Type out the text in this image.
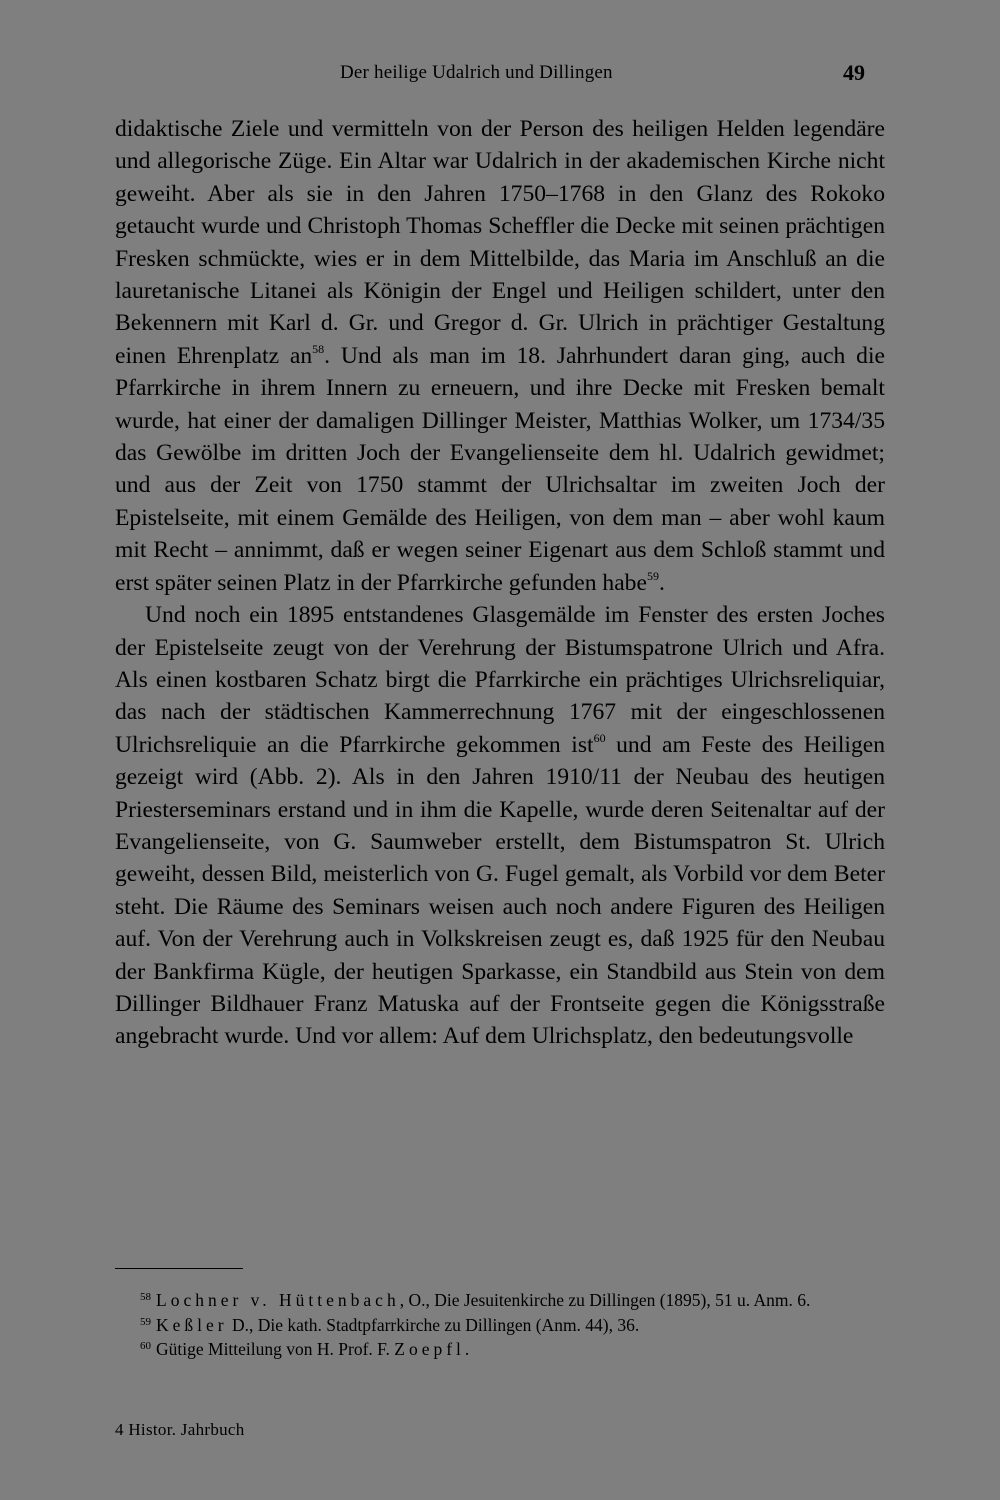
Der heilige Udalrich und Dillingen	49

didaktische Ziele und vermitteln von der Person des heiligen Helden legendäre und allegorische Züge. Ein Altar war Udalrich in der akademischen Kirche nicht geweiht. Aber als sie in den Jahren 1750–1768 in den Glanz des Rokoko getaucht wurde und Christoph Thomas Scheffler die Decke mit seinen prächtigen Fresken schmückte, wies er in dem Mittelbilde, das Maria im Anschluß an die lauretanische Litanei als Königin der Engel und Heiligen schildert, unter den Bekennern mit Karl d. Gr. und Gregor d. Gr. Ulrich in prächtiger Gestaltung einen Ehrenplatz an$^{58}$. Und als man im 18. Jahrhundert daran ging, auch die Pfarrkirche in ihrem Innern zu erneuern, und ihre Decke mit Fresken bemalt wurde, hat einer der damaligen Dillinger Meister, Matthias Wolker, um 1734/35 das Gewölbe im dritten Joch der Evangelienseite dem hl. Udalrich gewidmet; und aus der Zeit von 1750 stammt der Ulrichsaltar im zweiten Joch der Epistelseite, mit einem Gemälde des Heiligen, von dem man – aber wohl kaum mit Recht – annimmt, daß er wegen seiner Eigenart aus dem Schloß stammt und erst später seinen Platz in der Pfarrkirche gefunden habe$^{59}$.

Und noch ein 1895 entstandenes Glasgemälde im Fenster des ersten Joches der Epistelseite zeugt von der Verehrung der Bistumspatrone Ulrich und Afra. Als einen kostbaren Schatz birgt die Pfarrkirche ein prächtiges Ulrichsreliquiar, das nach der städtischen Kammerrechnung 1767 mit der eingeschlossenen Ulrichsreliquie an die Pfarrkirche gekommen ist$^{60}$ und am Feste des Heiligen gezeigt wird (Abb. 2). Als in den Jahren 1910/11 der Neubau des heutigen Priesterseminars erstand und in ihm die Kapelle, wurde deren Seitenaltar auf der Evangelienseite, von G. Saumweber erstellt, dem Bistumspatron St. Ulrich geweiht, dessen Bild, meisterlich von G. Fugel gemalt, als Vorbild vor dem Beter steht. Die Räume des Seminars weisen auch noch andere Figuren des Heiligen auf. Von der Verehrung auch in Volkskreisen zeugt es, daß 1925 für den Neubau der Bankfirma Kügle, der heutigen Sparkasse, ein Standbild aus Stein von dem Dillinger Bildhauer Franz Matuska auf der Frontseite gegen die Königsstraße angebracht wurde. Und vor allem: Auf dem Ulrichsplatz, den bedeutungsvolle

$^{58}$ Lochner v. Hüttenbach, O., Die Jesuitenkirche zu Dillingen (1895), 51 u. Anm. 6.

$^{59}$ Keßler D., Die kath. Stadtpfarrkirche zu Dillingen (Anm. 44), 36.

$^{60}$ Gütige Mitteilung von H. Prof. F. Zoepfl.

4 Histor. Jahrbuch
